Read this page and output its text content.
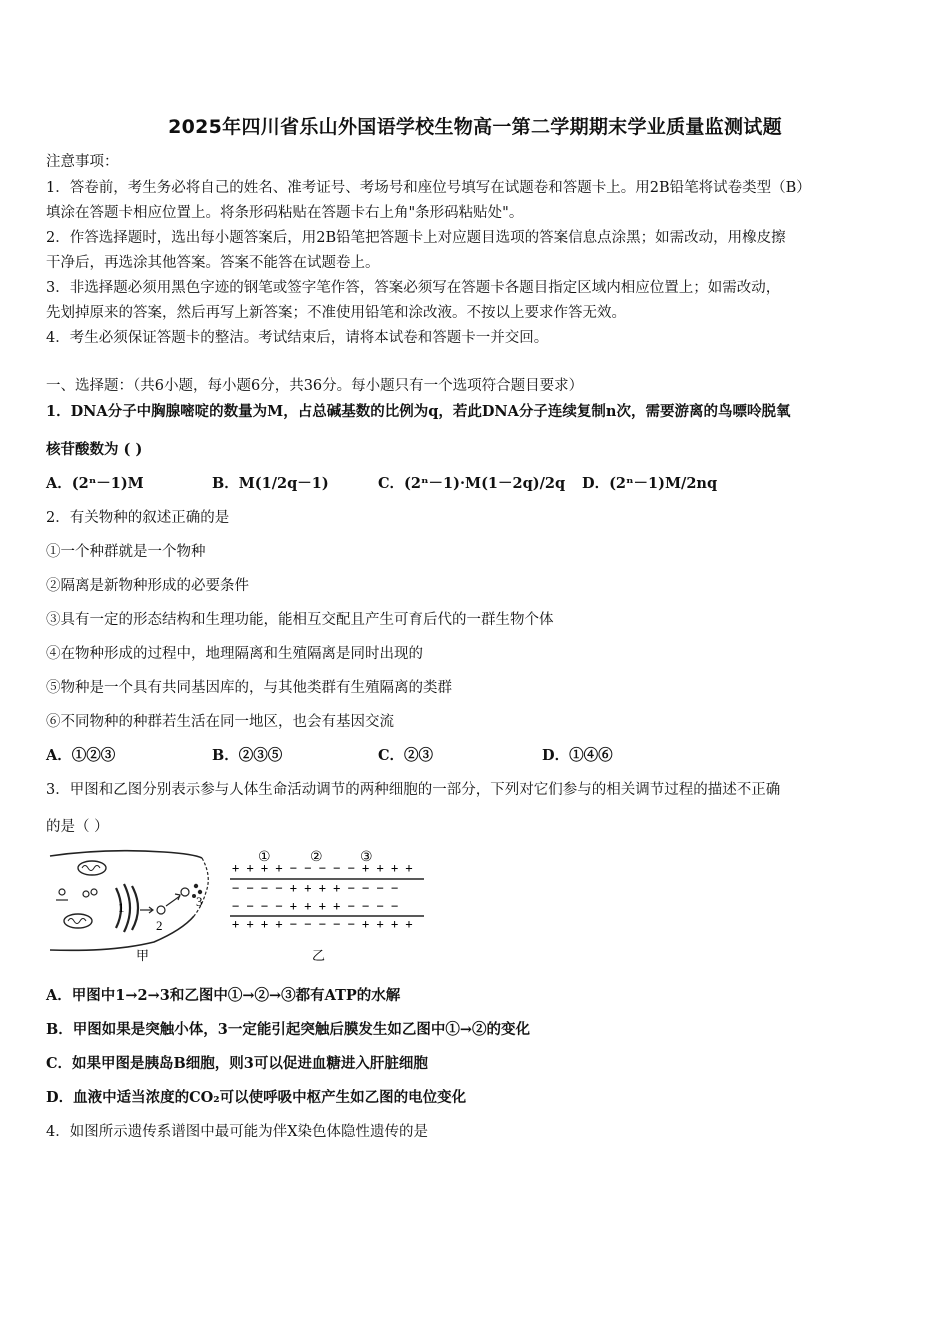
2025年四川省乐山外国语学校生物高一第二学期期末学业质量监测试题
注意事项：
1．答卷前，考生务必将自己的姓名、准考证号、考场号和座位号填写在试题卷和答题卡上。用2B铅笔将试卷类型（B）
填涂在答题卡相应位置上。将条形码粘贴在答题卡右上角"条形码粘贴处"。
2．作答选择题时，选出每小题答案后，用2B铅笔把答题卡上对应题目选项的答案信息点涂黑；如需改动，用橡皮擦
干净后，再选涂其他答案。答案不能答在试题卷上。
3．非选择题必须用黑色字迹的钢笔或签字笔作答，答案必须写在答题卡各题目指定区域内相应位置上；如需改动，
先划掉原来的答案，然后再写上新答案；不准使用铅笔和涂改液。不按以上要求作答无效。
4．考生必须保证答题卡的整洁。考试结束后，请将本试卷和答题卡一并交回。
一、选择题：（共6小题，每小题6分，共36分。每小题只有一个选项符合题目要求）
1．DNA分子中胸腺嘧啶的数量为M，占总碱基数的比例为q，若此DNA分子连续复制n次，需要游离的鸟嘌呤脱氧
核苷酸数为 ( )
A．(2ⁿ－1)M	B．M(1/2q－1)	C．(2ⁿ－1)·M(1－2q)/2q D．(2ⁿ－1)M/2nq
2．有关物种的叙述正确的是
①一个种群就是一个物种
②隔离是新物种形成的必要条件
③具有一定的形态结构和生理功能，能相互交配且产生可育后代的一群生物个体
④在物种形成的过程中，地理隔离和生殖隔离是同时出现的
⑤物种是一个具有共同基因库的，与其他类群有生殖隔离的类群
⑥不同物种的种群若生活在同一地区，也会有基因交流
A．①②③	B．②③⑤	C．②③	D．①④⑥
3．甲图和乙图分别表示参与人体生命活动调节的两种细胞的一部分，下列对它们参与的相关调节过程的描述不正确
的是（ ）
1
2
3
甲
①	②	③
+ + + + − − − − − + + + +
− − − − + + + + − − − −
− − − − + + + + − − − −
+ + + + − − − − − + + + +
乙
A．甲图中1→2→3和乙图中①→②→③都有ATP的水解
B．甲图如果是突触小体，3一定能引起突触后膜发生如乙图中①→②的变化
C．如果甲图是胰岛B细胞，则3可以促进血糖进入肝脏细胞
D．血液中适当浓度的CO₂可以使呼吸中枢产生如乙图的电位变化
4．如图所示遗传系谱图中最可能为伴X染色体隐性遗传的是
